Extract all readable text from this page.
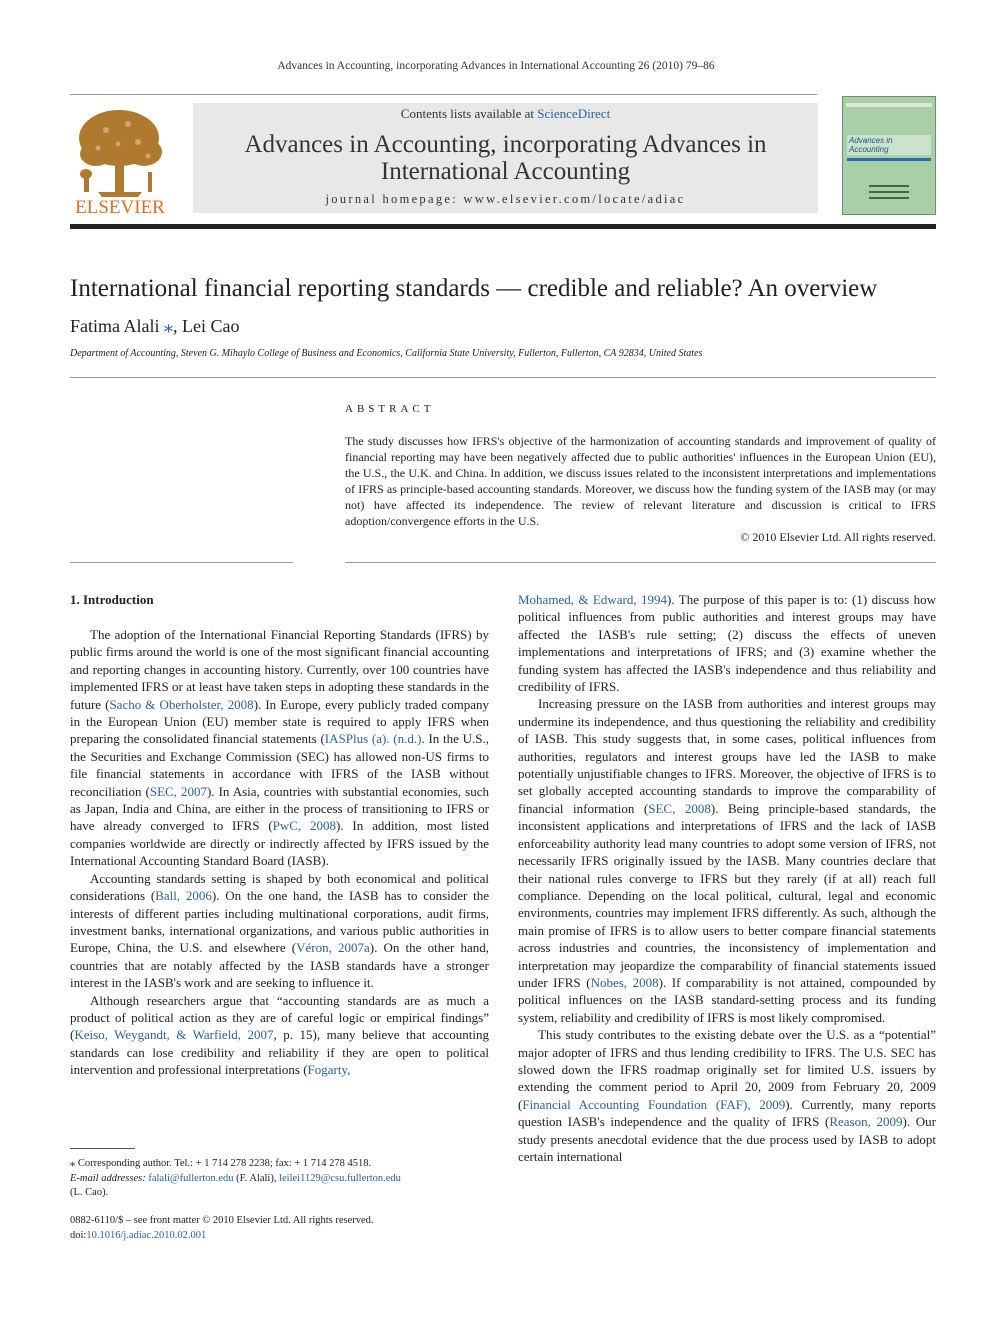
Advances in Accounting, incorporating Advances in International Accounting 26 (2010) 79–86
ELSEVIER
Contents lists available at ScienceDirect
Advances in Accounting, incorporating Advances in
International Accounting
journal homepage: www.elsevier.com/locate/adiac
Advances in Accounting
International financial reporting standards — credible and reliable? An overview
Fatima Alali ⁎, Lei Cao
Department of Accounting, Steven G. Mihaylo College of Business and Economics, California State University, Fullerton, Fullerton, CA 92834, United States
ABSTRACT
The study discusses how IFRS's objective of the harmonization of accounting standards and improvement of quality of financial reporting may have been negatively affected due to public authorities' influences in the European Union (EU), the U.S., the U.K. and China. In addition, we discuss issues related to the inconsistent interpretations and implementations of IFRS as principle-based accounting standards. Moreover, we discuss how the funding system of the IASB may (or may not) have affected its independence. The review of relevant literature and discussion is critical to IFRS adoption/convergence efforts in the U.S.
© 2010 Elsevier Ltd. All rights reserved.
1. Introduction

The adoption of the International Financial Reporting Standards (IFRS) by public firms around the world is one of the most significant financial accounting and reporting changes in accounting history. Currently, over 100 countries have implemented IFRS or at least have taken steps in adopting these standards in the future (Sacho & Oberholster, 2008). In Europe, every publicly traded company in the European Union (EU) member state is required to apply IFRS when preparing the consolidated financial statements (IASPlus (a). (n.d.). In the U.S., the Securities and Exchange Commission (SEC) has allowed non-US firms to file financial statements in accordance with IFRS of the IASB without reconciliation (SEC, 2007). In Asia, countries with substantial economies, such as Japan, India and China, are either in the process of transitioning to IFRS or have already converged to IFRS (PwC, 2008). In addition, most listed companies worldwide are directly or indirectly affected by IFRS issued by the International Accounting Standard Board (IASB).

Accounting standards setting is shaped by both economical and political considerations (Ball, 2006). On the one hand, the IASB has to consider the interests of different parties including multinational corporations, audit firms, investment banks, international organizations, and various public authorities in Europe, China, the U.S. and elsewhere (Véron, 2007a). On the other hand, countries that are notably affected by the IASB standards have a stronger interest in the IASB's work and are seeking to influence it.

Although researchers argue that “accounting standards are as much a product of political action as they are of careful logic or empirical findings” (Keiso, Weygandt, & Warfield, 2007, p. 15), many believe that accounting standards can lose credibility and reliability if they are open to political intervention and professional interpretations (Fogarty,

Mohamed, & Edward, 1994). The purpose of this paper is to: (1) discuss how political influences from public authorities and interest groups may have affected the IASB's rule setting; (2) discuss the effects of uneven implementations and interpretations of IFRS; and (3) examine whether the funding system has affected the IASB's independence and thus reliability and credibility of IFRS.

Increasing pressure on the IASB from authorities and interest groups may undermine its independence, and thus questioning the reliability and credibility of IASB. This study suggests that, in some cases, political influences from authorities, regulators and interest groups have led the IASB to make potentially unjustifiable changes to IFRS. Moreover, the objective of IFRS is to set globally accepted accounting standards to improve the comparability of financial information (SEC, 2008). Being principle-based standards, the inconsistent applications and interpretations of IFRS and the lack of IASB enforceability authority lead many countries to adopt some version of IFRS, not necessarily IFRS originally issued by the IASB. Many countries declare that their national rules converge to IFRS but they rarely (if at all) reach full compliance. Depending on the local political, cultural, legal and economic environments, countries may implement IFRS differently. As such, although the main promise of IFRS is to allow users to better compare financial statements across industries and countries, the inconsistency of implementation and interpretation may jeopardize the comparability of financial statements issued under IFRS (Nobes, 2008). If comparability is not attained, compounded by political influences on the IASB standard-setting process and its funding system, reliability and credibility of IFRS is most likely compromised.

This study contributes to the existing debate over the U.S. as a “potential” major adopter of IFRS and thus lending credibility to IFRS. The U.S. SEC has slowed down the IFRS roadmap originally set for limited U.S. issuers by extending the comment period to April 20, 2009 from February 20, 2009 (Financial Accounting Foundation (FAF), 2009). Currently, many reports question IASB's independence and the quality of IFRS (Reason, 2009). Our study presents anecdotal evidence that the due process used by IASB to adopt certain international

⁎ Corresponding author. Tel.: + 1 714 278 2238; fax: + 1 714 278 4518.
E-mail addresses: falali@fullerton.edu (F. Alali), leilei1129@csu.fullerton.edu
(L. Cao).
0882-6110/$ – see front matter © 2010 Elsevier Ltd. All rights reserved.
doi:10.1016/j.adiac.2010.02.001
